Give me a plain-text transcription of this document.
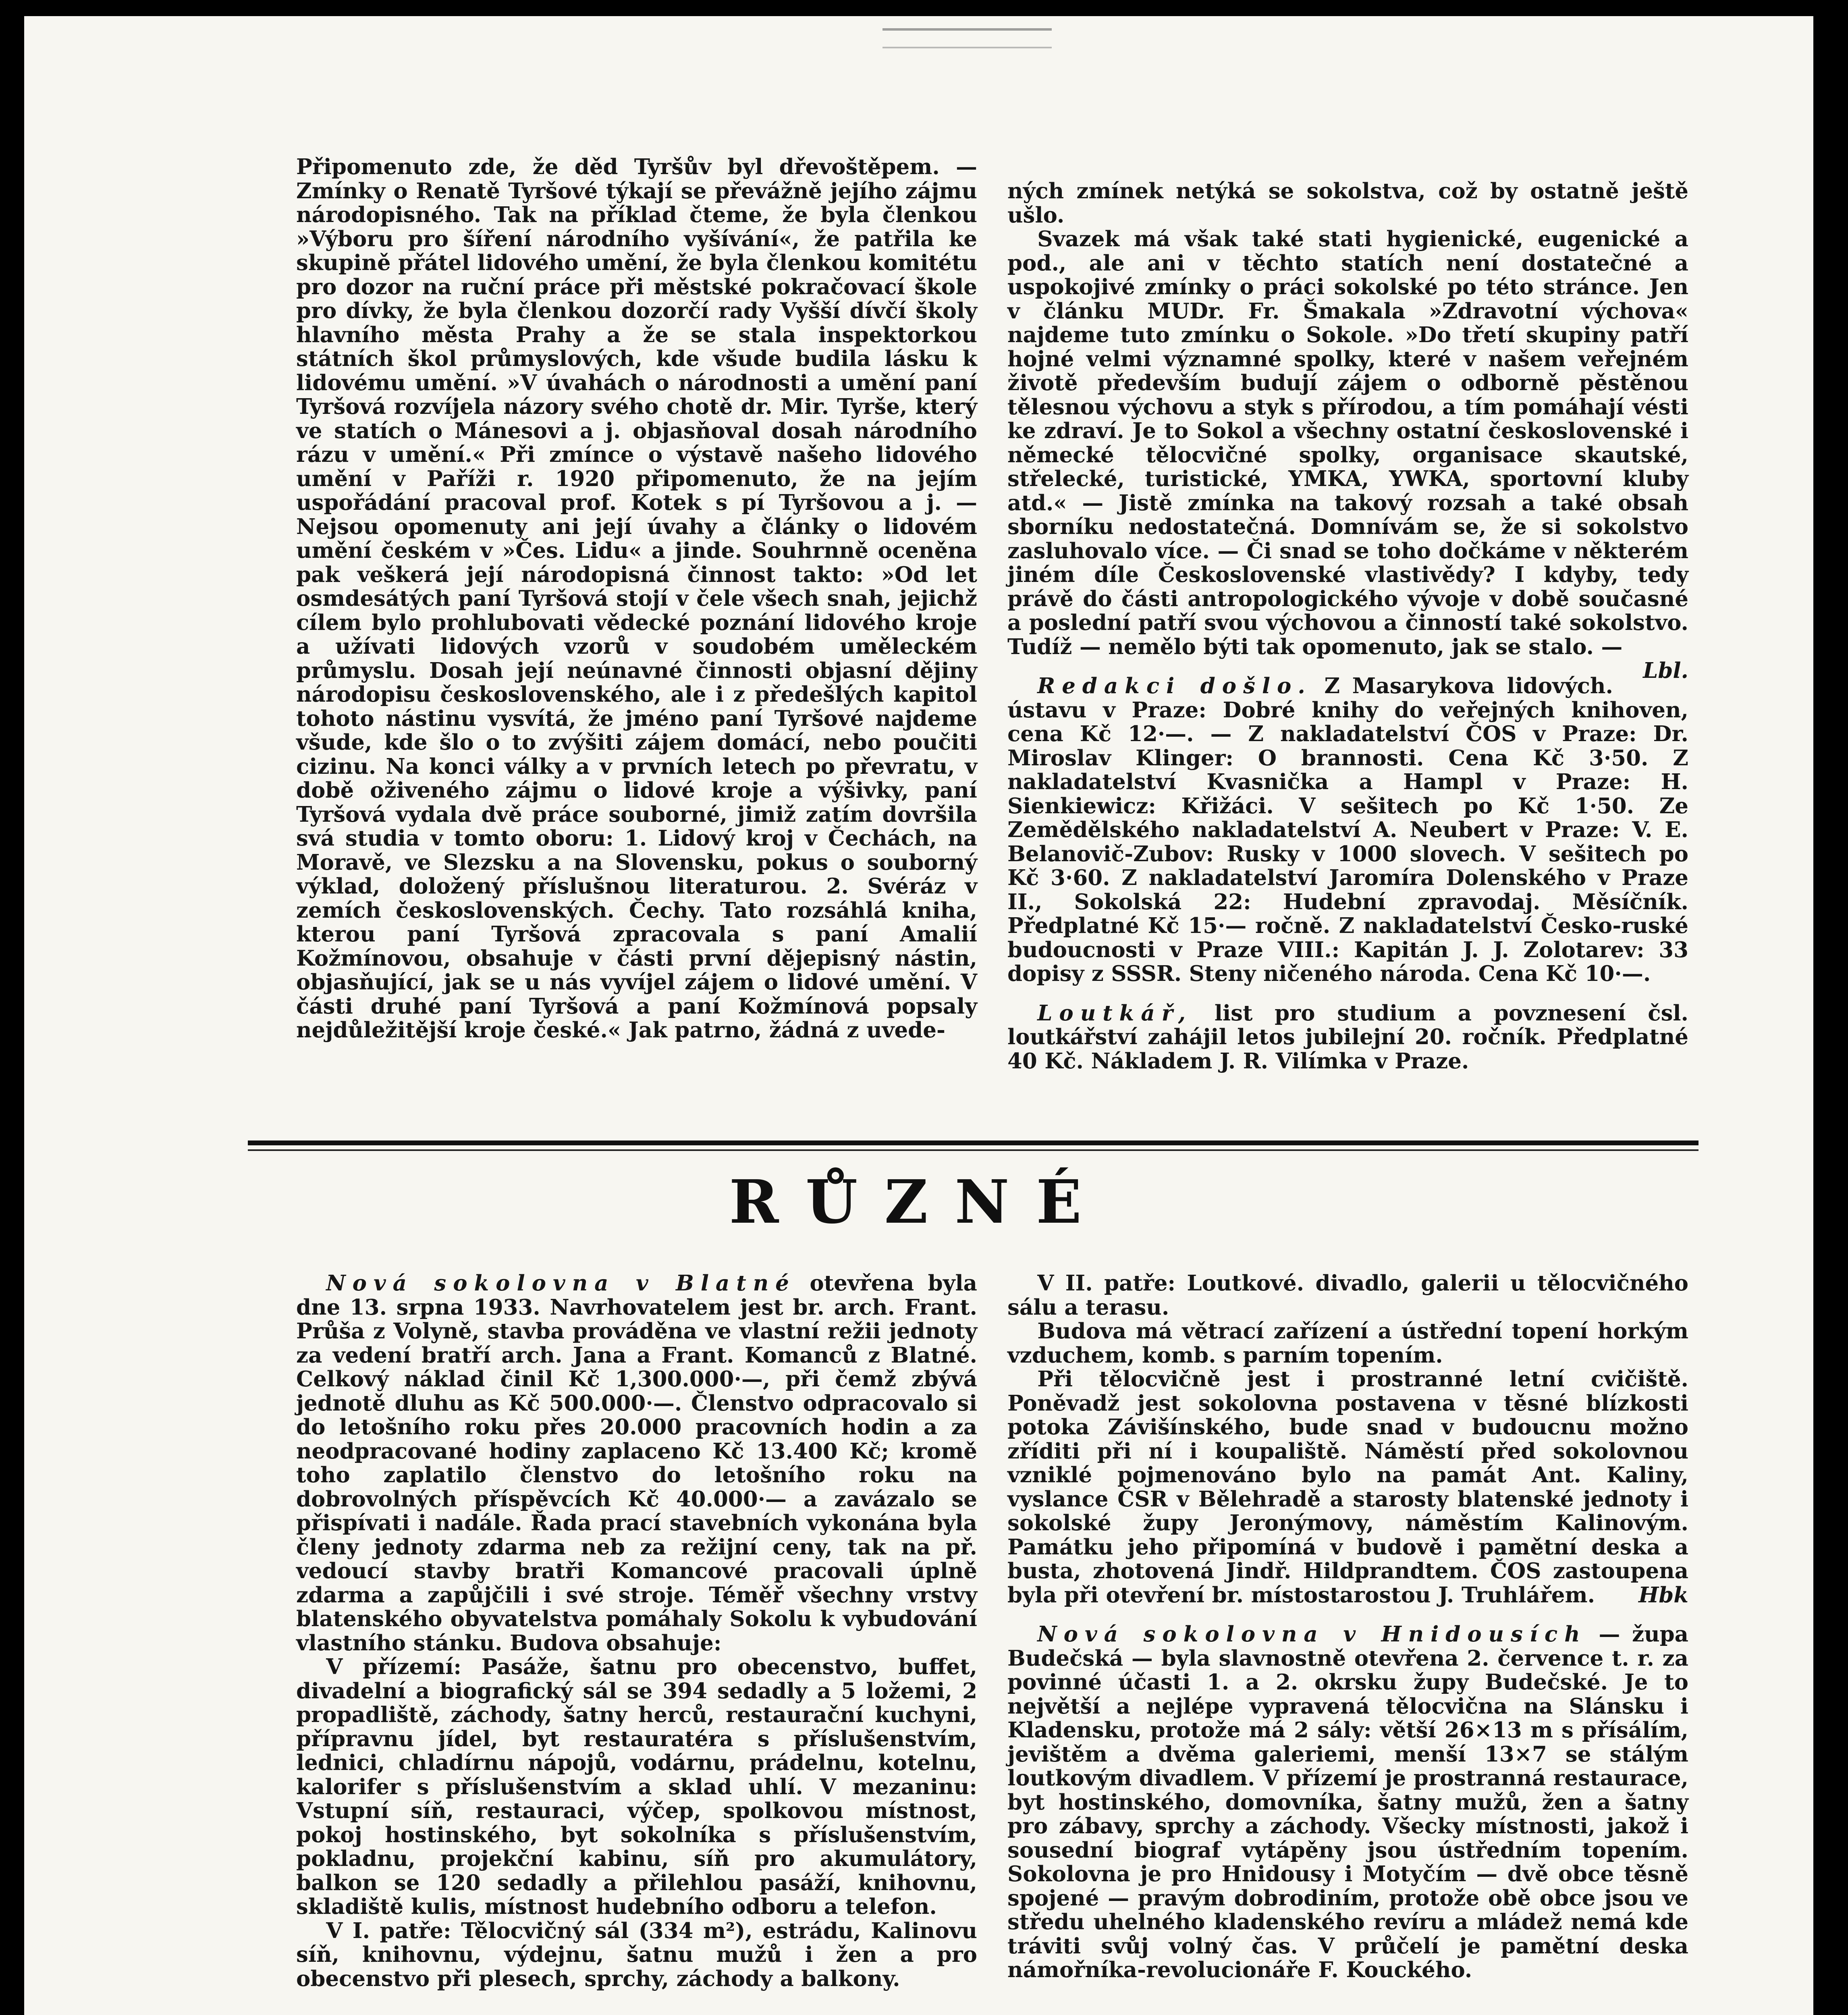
Připomenuto zde, že děd Tyršův byl dřevoštěpem. — Zmínky o Renatě Tyršové týkají se převážně jejího zájmu národopisného. Tak na příklad čteme, že byla členkou »Výboru pro šíření národního vyšívání«, že patřila ke skupině přátel lidového umění, že byla členkou komitétu pro dozor na ruční práce při městské pokračovací škole pro dívky, že byla členkou dozorčí rady Vyšší dívčí školy hlavního města Prahy a že se stala inspektorkou státních škol průmyslových, kde všude budila lásku k lidovému umění. »V úvahách o národnosti a umění paní Tyršová rozvíjela názory svého chotě dr. Mir. Tyrše, který ve statích o Mánesovi a j. objasňoval dosah národního rázu v umění.« Při zmínce o výstavě našeho lidového umění v Paříži r. 1920 připomenuto, že na jejím uspořádání pracoval prof. Kotek s pí Tyršovou a j. — Nejsou opomenuty ani její úvahy a články o lidovém umění českém v »Čes. Lidu« a jinde. Souhrnně oceněna pak veškerá její národopisná činnost takto: »Od let osmdesátých paní Tyršová stojí v čele všech snah, jejichž cílem bylo prohlubovati vědecké poznání lidového kroje a užívati lidových vzorů v soudobém uměleckém průmyslu. Dosah její neúnavné činnosti objasní dějiny národopisu československého, ale i z předešlých kapitol tohoto nástinu vysvítá, že jméno paní Tyršové najdeme všude, kde šlo o to zvýšiti zájem domácí, nebo poučiti cizinu. Na konci války a v prvních letech po převratu, v době oživeného zájmu o lidové kroje a výšivky, paní Tyršová vydala dvě práce souborné, jimiž zatím dovršila svá studia v tomto oboru: 1. Lidový kroj v Čechách, na Moravě, ve Slezsku a na Slovensku, pokus o souborný výklad, doložený příslušnou literaturou. 2. Svéráz v zemích československých. Čechy. Tato rozsáhlá kniha, kterou paní Tyršová zpracovala s paní Amalií Kožmínovou, obsahuje v části první dějepisný nástin, objasňující, jak se u nás vyvíjel zájem o lidové umění. V části druhé paní Tyršová a paní Kožmínová popsaly nejdůležitější kroje české.« Jak patrno, žádná z uvede-

ných zmínek netýká se sokolstva, což by ostatně ještě ušlo.

Svazek má však také stati hygienické, eugenické a pod., ale ani v těchto statích není dostatečné a uspokojivé zmínky o práci sokolské po této stránce. Jen v článku MUDr. Fr. Šmakala »Zdravotní výchova« najdeme tuto zmínku o Sokole. »Do třetí skupiny patří hojné velmi významné spolky, které v našem veřejném životě především budují zájem o odborně pěstěnou tělesnou výchovu a styk s přírodou, a tím pomáhají vésti ke zdraví. Je to Sokol a všechny ostatní československé i německé tělocvičné spolky, organisace skautské, střelecké, turistické, YMKA, YWKA, sportovní kluby atd.« — Jistě zmínka na takový rozsah a také obsah sborníku nedostatečná. Domnívám se, že si sokolstvo zasluhovalo více. — Či snad se toho dočkáme v některém jiném díle Československé vlastivědy? I kdyby, tedy právě do části antropologického vývoje v době současné a poslední patří svou výchovou a činností také sokolstvo. Tudíž — nemělo býti tak opomenuto, jak se stalo. —
Lbl.

Redakci došlo. Z Masarykova lidových. ústavu v Praze: Dobré knihy do veřejných knihoven, cena Kč 12·—. — Z nakladatelství ČOS v Praze: Dr. Miroslav Klinger: O brannosti. Cena Kč 3·50. Z nakladatelství Kvasnička a Hampl v Praze: H. Sienkiewicz: Křižáci. V sešitech po Kč 1·50. Ze Zemědělského nakladatelství A. Neubert v Praze: V. E. Belanovič-Zubov: Rusky v 1000 slovech. V sešitech po Kč 3·60. Z nakladatelství Jaromíra Dolenského v Praze II., Sokolská 22: Hudební zpravodaj. Měsíčník. Předplatné Kč 15·— ročně. Z nakladatelství Česko-ruské budoucnosti v Praze VIII.: Kapitán J. J. Zolotarev: 33 dopisy z SSSR. Steny ničeného národa. Cena Kč 10·—.

Loutkář, list pro studium a povznesení čsl. loutkářství zahájil letos jubilejní 20. ročník. Předplatné 40 Kč. Nákladem J. R. Vilímka v Praze.

RŮZNÉ

Nová sokolovna v Blatné otevřena byla dne 13. srpna 1933. Navrhovatelem jest br. arch. Frant. Průša z Volyně, stavba prováděna ve vlastní režii jednoty za vedení bratří arch. Jana a Frant. Komanců z Blatné. Celkový náklad činil Kč 1,300.000·—, při čemž zbývá jednotě dluhu as Kč 500.000·—. Členstvo odpracovalo si do letošního roku přes 20.000 pracovních hodin a za neodpracované hodiny zaplaceno Kč 13.400 Kč; kromě toho zaplatilo členstvo do letošního roku na dobrovolných příspěvcích Kč 40.000·— a zavázalo se přispívati i nadále. Řada prací stavebních vykonána byla členy jednoty zdarma neb za režijní ceny, tak na př. vedoucí stavby bratři Komancové pracovali úplně zdarma a zapůjčili i své stroje. Téměř všechny vrstvy blatenského obyvatelstva pomáhaly Sokolu k vybudování vlastního stánku. Budova obsahuje:

V přízemí: Pasáže, šatnu pro obecenstvo, buffet, divadelní a biografický sál se 394 sedadly a 5 ložemi, 2 propadliště, záchody, šatny herců, restaurační kuchyni, přípravnu jídel, byt restauratéra s příslušenstvím, lednici, chladírnu nápojů, vodárnu, prádelnu, kotelnu, kalorifer s příslušenstvím a sklad uhlí. V mezaninu: Vstupní síň, restauraci, výčep, spolkovou místnost, pokoj hostinského, byt sokolníka s příslušenstvím, pokladnu, projekční kabinu, síň pro akumulátory, balkon se 120 sedadly a přilehlou pasáží, knihovnu, skladiště kulis, místnost hudebního odboru a telefon.

V I. patře: Tělocvičný sál (334 m²), estrádu, Kalinovu síň, knihovnu, výdejnu, šatnu mužů i žen a pro obecenstvo při plesech, sprchy, záchody a balkony.

V II. patře: Loutkové. divadlo, galerii u tělocvičného sálu a terasu.

Budova má větrací zařízení a ústřední topení horkým vzduchem, komb. s parním topením.

Při tělocvičně jest i prostranné letní cvičiště. Poněvadž jest sokolovna postavena v těsné blízkosti potoka Závišínského, bude snad v budoucnu možno zříditi při ní i koupaliště. Náměstí před sokolovnou vzniklé pojmenováno bylo na památ Ant. Kaliny, vyslance ČSR v Bělehradě a starosty blatenské jednoty i sokolské župy Jeronýmovy, náměstím Kalinovým. Památku jeho připomíná v budově i pamětní deska a busta, zhotovená Jindř. Hildprandtem. ČOS zastoupena byla při otevření br. místostarostou J. Truhlářem.	Hbk

Nová sokolovna v Hnidousích — župa Budečská — byla slavnostně otevřena 2. července t. r. za povinné účasti 1. a 2. okrsku župy Budečské. Je to největší a nejlépe vypravená tělocvična na Slánsku i Kladensku, protože má 2 sály: větší 26×13 m s přísálím, jevištěm a dvěma galeriemi, menší 13×7 se stálým loutkovým divadlem. V přízemí je prostranná restaurace, byt hostinského, domovníka, šatny mužů, žen a šatny pro zábavy, sprchy a záchody. Všecky místnosti, jakož i sousední biograf vytápěny jsou ústředním topením. Sokolovna je pro Hnidousy i Motyčím — dvě obce těsně spojené — pravým dobrodiním, protože obě obce jsou ve středu uhelného kladenského revíru a mládež nemá kde tráviti svůj volný čas. V průčelí je pamětní deska námořníka-revolucionáře F. Kouckého.
